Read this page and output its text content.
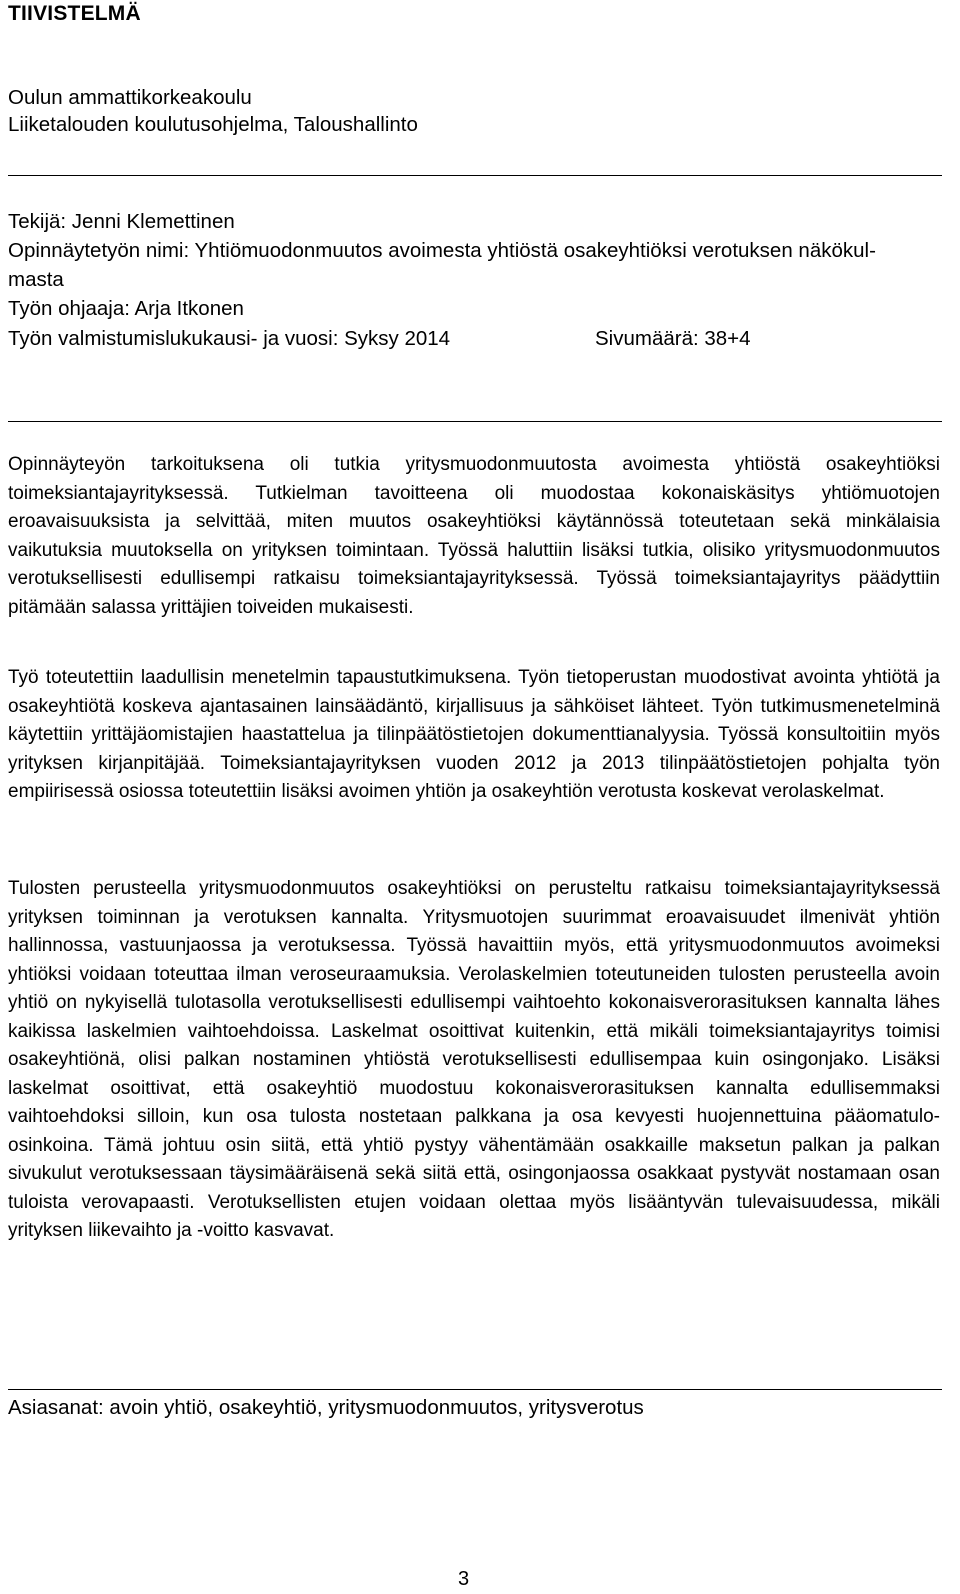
TIIVISTELMÄ
Oulun ammattikorkeakoulu
Liiketalouden koulutusohjelma, Taloushallinto
Tekijä: Jenni Klemettinen
Opinnäytetyön nimi: Yhtiömuodonmuutos avoimesta yhtiöstä osakeyhtiöksi verotuksen näkökul-
masta
Työn ohjaaja: Arja Itkonen
Työn valmistumislukukausi- ja vuosi: Syksy 2014	Sivumäärä: 38+4

Opinnäyteyön tarkoituksena oli tutkia yritysmuodonmuutosta avoimesta yhtiöstä osakeyhtiöksi toimeksiantajayrityksessä. Tutkielman tavoitteena oli muodostaa kokonaiskäsitys yhtiömuotojen eroavaisuuksista ja selvittää, miten muutos osakeyhtiöksi käytännössä toteutetaan sekä minkälaisia vaikutuksia muutoksella on yrityksen toimintaan. Työssä haluttiin lisäksi tutkia, olisiko yritysmuodonmuutos verotuksellisesti edullisempi ratkaisu toimeksiantajayrityksessä. Työssä toimeksiantajayritys päädyttiin pitämään salassa yrittäjien toiveiden mukaisesti.

Työ toteutettiin laadullisin menetelmin tapaustutkimuksena. Työn tietoperustan muodostivat avointa yhtiötä ja osakeyhtiötä koskeva ajantasainen lainsäädäntö, kirjallisuus ja sähköiset lähteet. Työn tutkimusmenetelminä käytettiin yrittäjäomistajien haastattelua ja tilinpäätöstietojen dokumenttianalyysia. Työssä konsultoitiin myös yrityksen kirjanpitäjää. Toimeksiantajayrityksen vuoden 2012 ja 2013 tilinpäätöstietojen pohjalta työn empiirisessä osiossa toteutettiin lisäksi avoimen yhtiön ja osakeyhtiön verotusta koskevat verolaskelmat.

Tulosten perusteella yritysmuodonmuutos osakeyhtiöksi on perusteltu ratkaisu toimeksiantajayrityksessä yrityksen toiminnan ja verotuksen kannalta. Yritysmuotojen suurimmat eroavaisuudet ilmenivät yhtiön hallinnossa, vastuunjaossa ja verotuksessa. Työssä havaittiin myös, että yritysmuodonmuutos avoimeksi yhtiöksi voidaan toteuttaa ilman veroseuraamuksia. Verolaskelmien toteutuneiden tulosten perusteella avoin yhtiö on nykyisellä tulotasolla verotuksellisesti edullisempi vaihtoehto kokonaisverorasituksen kannalta lähes kaikissa laskelmien vaihtoehdoissa. Laskelmat osoittivat kuitenkin, että mikäli toimeksiantajayritys toimisi osakeyhtiönä, olisi palkan nostaminen yhtiöstä verotuksellisesti edullisempaa kuin osingonjako. Lisäksi laskelmat osoittivat, että osakeyhtiö muodostuu kokonaisverorasituksen kannalta edullisemmaksi vaihtoehdoksi silloin, kun osa tulosta nostetaan palkkana ja osa kevyesti huojennettuina pääomatulo-osinkoina. Tämä johtuu osin siitä, että yhtiö pystyy vähentämään osakkaille maksetun palkan ja palkan sivukulut verotuksessaan täysimääräisenä sekä siitä että, osingonjaossa osakkaat pystyvät nostamaan osan tuloista verovapaasti. Verotuksellisten etujen voidaan olettaa myös lisääntyvän tulevaisuudessa, mikäli yrityksen liikevaihto ja -voitto kasvavat.

Asiasanat: avoin yhtiö, osakeyhtiö, yritysmuodonmuutos, yritysverotus
3
